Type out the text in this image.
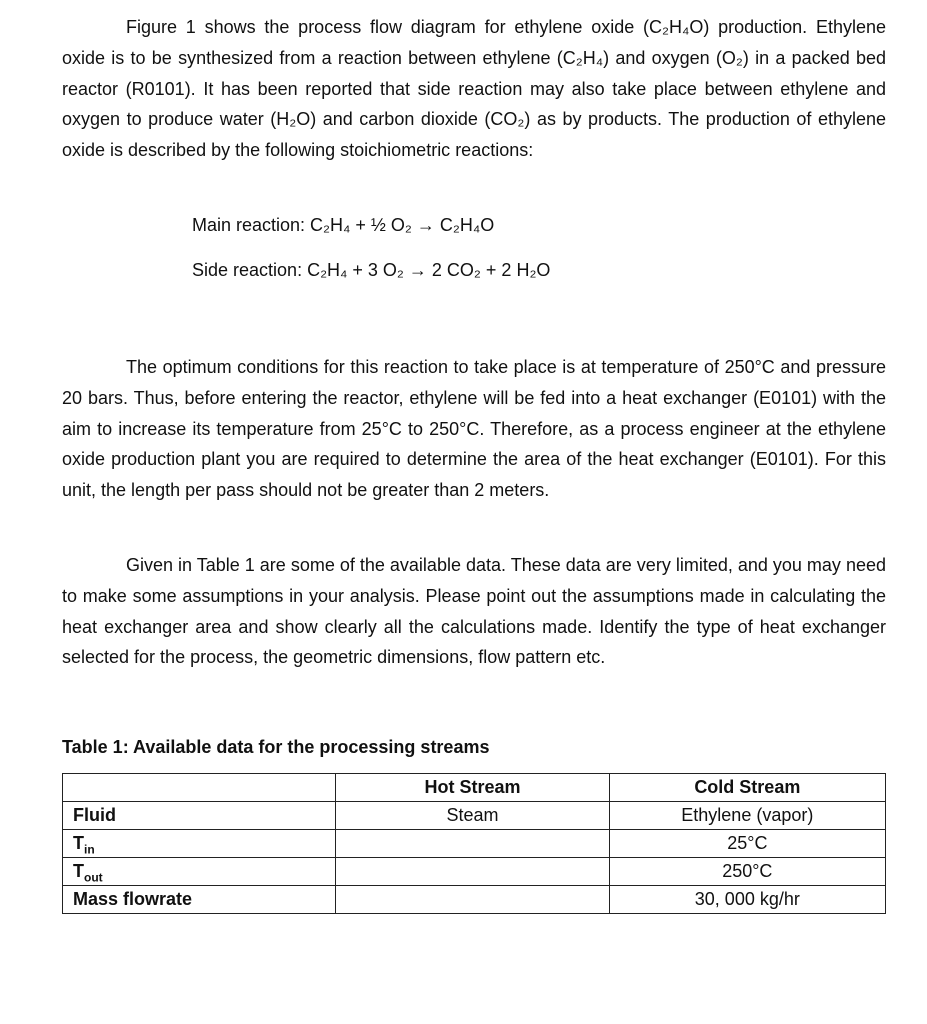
Figure 1 shows the process flow diagram for ethylene oxide (C₂H₄O) production. Ethylene oxide is to be synthesized from a reaction between ethylene (C₂H₄) and oxygen (O₂) in a packed bed reactor (R0101). It has been reported that side reaction may also take place between ethylene and oxygen to produce water (H₂O) and carbon dioxide (CO₂) as by products. The production of ethylene oxide is described by the following stoichiometric reactions:

Main reaction: C₂H₄ + ½ O₂ → C₂H₄O

Side reaction: C₂H₄ + 3 O₂ → 2 CO₂ + 2 H₂O

The optimum conditions for this reaction to take place is at temperature of 250°C and pressure 20 bars. Thus, before entering the reactor, ethylene will be fed into a heat exchanger (E0101) with the aim to increase its temperature from 25°C to 250°C. Therefore, as a process engineer at the ethylene oxide production plant you are required to determine the area of the heat exchanger (E0101). For this unit, the length per pass should not be greater than 2 meters.

Given in Table 1 are some of the available data. These data are very limited, and you may need to make some assumptions in your analysis. Please point out the assumptions made in calculating the heat exchanger area and show clearly all the calculations made. Identify the type of heat exchanger selected for the process, the geometric dimensions, flow pattern etc.

Table 1: Available data for the processing streams

	Hot Stream	Cold Stream
Fluid	Steam	Ethylene (vapor)
$T_{in}$		25°C
$T_{out}$		250°C
Mass flowrate		30, 000 kg/hr
